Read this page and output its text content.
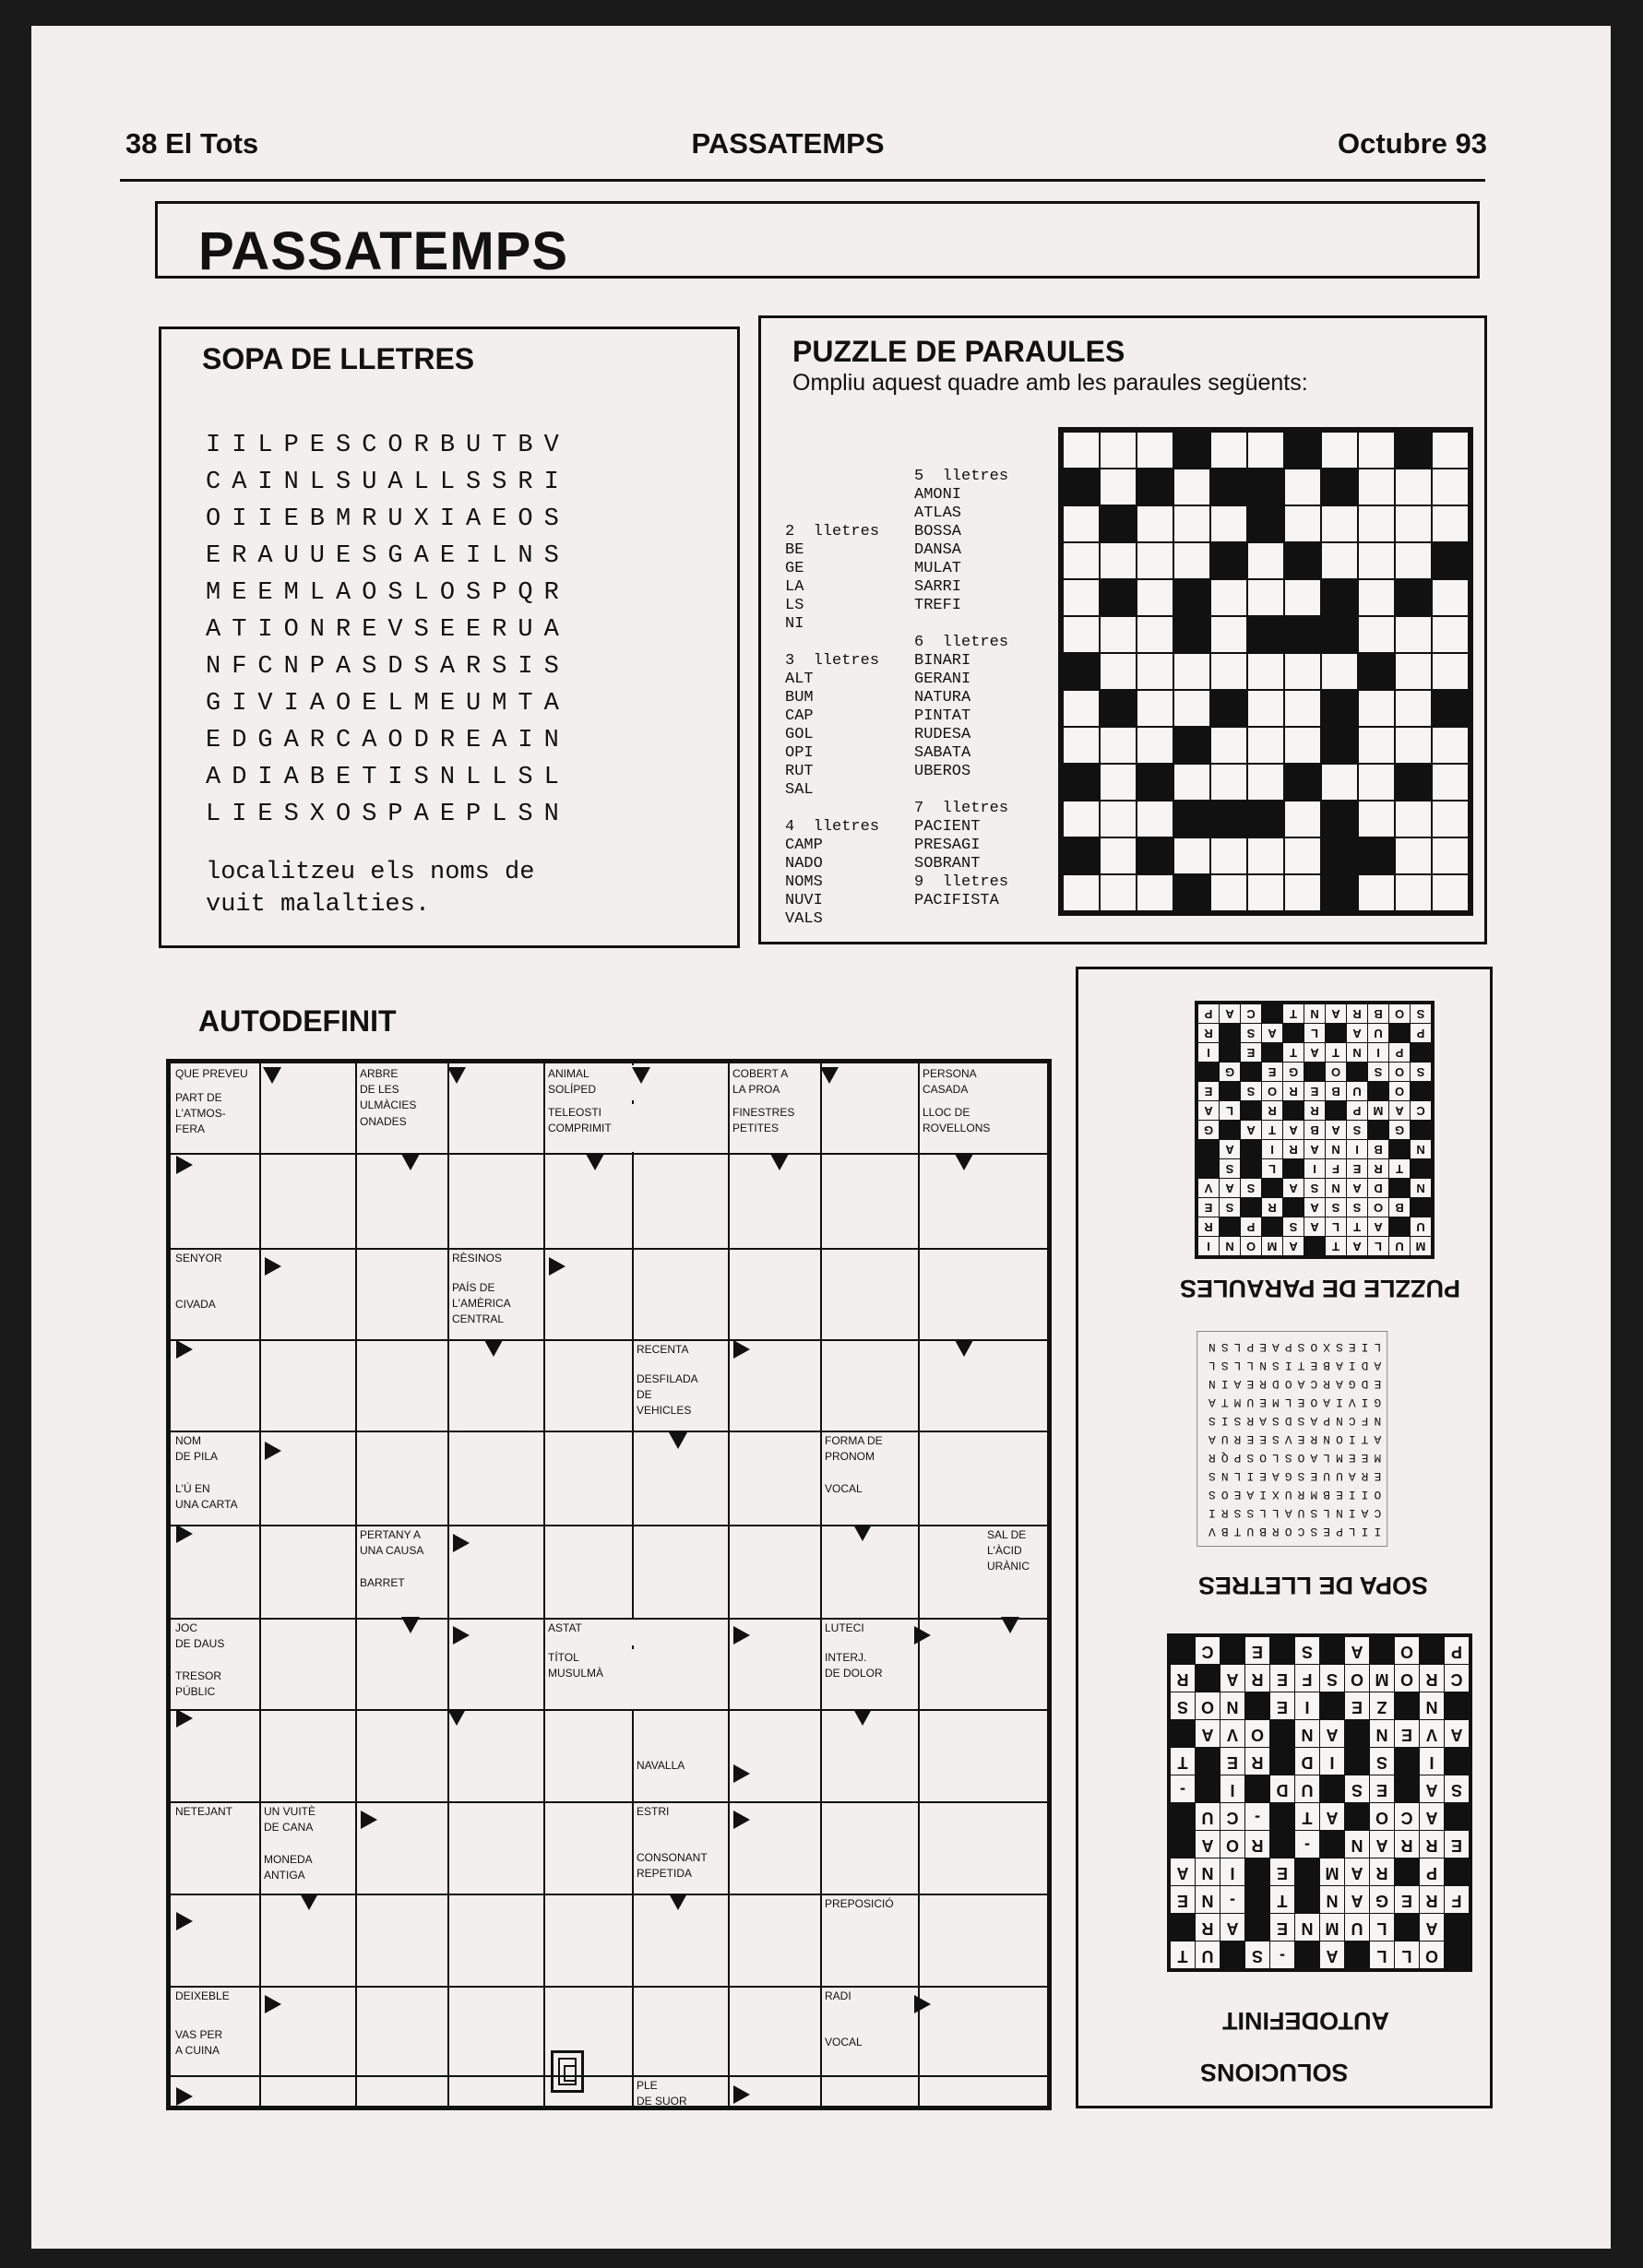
38 El Tots	PASSATEMPS	Octubre 93
PASSATEMPS
SOPA DE LLETRES
IILPESCORBUTBV
CAINLSUALLSSRI
OIIEBMRUXIAEOS
ERAUUESGAEILNS
MEEMLAOSLOSPQR
ATIONREVSEERUA
NFCNPASDSARSIS
GIVIAOELMEUMTA
EDGARCAODREAIN
ADIABETISNLLSL
LIESXOSPAEPLSN
localitzeu els noms de
vuit malalties.
PUZZLE DE PARAULES
Ompliu aquest quadre amb les paraules següents:
2  lletres
BE
GE
LA
LS
NI

3  lletres
ALT
BUM
CAP
GOL
OPI
RUT
SAL

4  lletres
CAMP
NADO
NOMS
NUVI
VALS
5  lletres
AMONI
ATLAS
BOSSA
DANSA
MULAT
SARRI
TREFI

6  lletres
BINARI
GERANI
NATURA
PINTAT
RUDESA
SABATA
UBEROS

7  lletres
PACIENT
PRESAGI
SOBRANT
9  lletres
PACIFISTA
AUTODEFINIT
QUE PREVEU
PART DE
L'ATMOS-
FERA
ARBRE
DE LES
ULMÀCIES
ONADES
ANIMAL
SOLÍPED
TELEOSTI
COMPRIMIT
COBERT A
LA PROA
FINESTRES
PETITES
PERSONA
CASADA
LLOC DE
ROVELLONS
SENYOR
CIVADA
RÈSINOS
PAÍS DE
L'AMÈRICA
CENTRAL
RECENTA
DESFILADA
DE
VEHICLES
NOM
DE PILA
L'Ú EN
UNA CARTA
FORMA DE
PRONOM
VOCAL
PERTANY A
UNA CAUSA
BARRET
SAL DE
L'ÀCID
URÀNIC
JOC
DE DAUS
TRESOR
PÚBLIC
ASTAT
TÍTOL
MUSULMÀ
LUTECI
INTERJ.
DE DOLOR
NAVALLA
UN VUITÈ
DE CANA
MONEDA
ANTIGA
NETEJANT	ESTRI
CONSONANT
REPETIDA
PREPOSICIÓ
DEIXEBLE
VAS PER
A CUINA
RADI
VOCAL
PLE
DE SUOR
SOLUCIONS
AUTODEFINIT
O
L
L
A
-
S
U
T
A
L
U
M
N
E
A
R
F
R
E
G
A
N
T
-
N
E
P
R
A
M
E
I
N
A
E
R
R
A
N
-
R
O
A
A
C
O
A
T
-
C
U
S
A
E
S
U
D
I
-
I
S
I
D
R
E
T
A
V
E
N
A
N
O
V
A
N
Z
E
I
E
N
O
S
C
R
O
M
O
S
F
E
R
A
R
P
O
A
S
E
C
SOPA DE LLETRES
IILPESCORBUTBV
CAINLSUALLSSRI
OIIEBMRUXIAEOS
ERAUUESGAEILNS
MEEMLAOSLOSPQR
ATIONREVSEERUA
NFCNPASDSARSIS
GIVIAOELMEUMTA
EDGARCAODREAIN
ADIABETISNLLSL
LIESXOSPAEPLSN
PUZZLE DE PARAULES
M
U
L
A
T
A
M
O
N
I
U
A
T
L
A
S
P
R
B
O
S
S
A
R
S
E
N
D
A
N
S
A
S
A
V
T
R
E
F
I
L
S
N
B
I
N
A
R
I
A
G
S
A
B
A
T
A
G
C
A
M
P
R
R
L
A
O
U
B
E
R
O
S
E
S
O
S
O
G
E
G
P
I
N
T
A
T
E
I
P
U
A
L
A
S
R
S
O
B
R
A
N
T
C
A
P
